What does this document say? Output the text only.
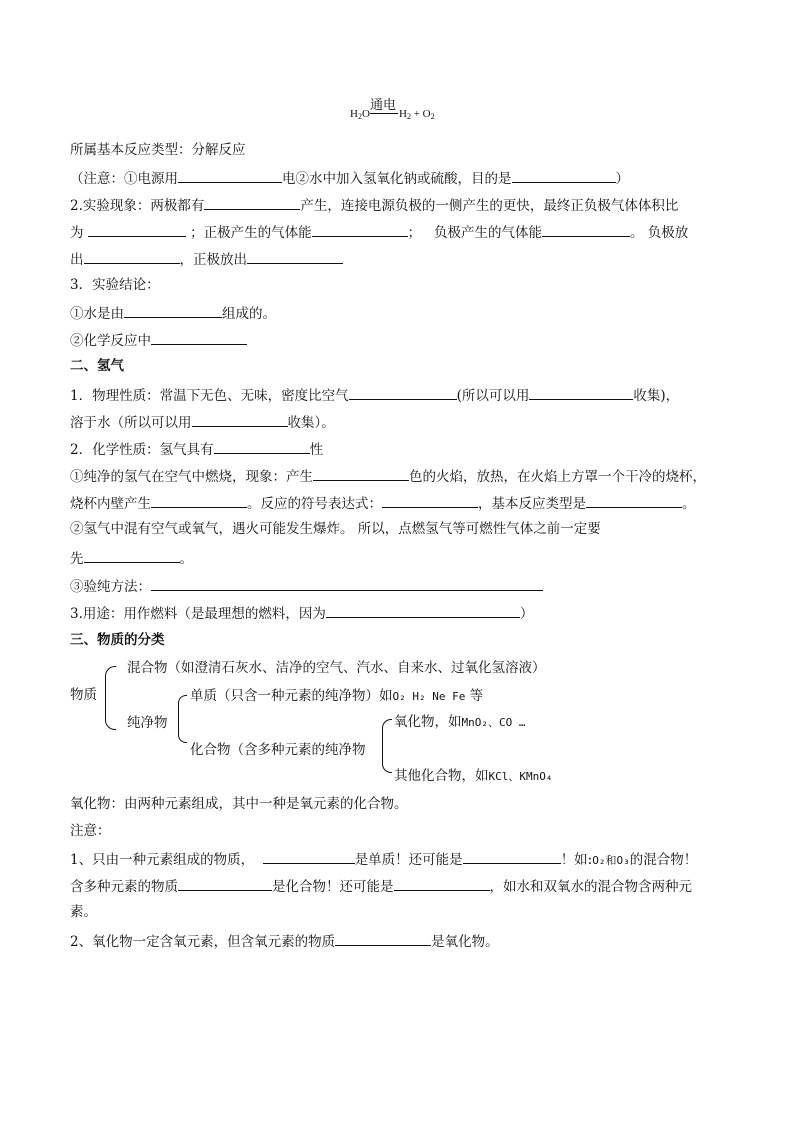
通电
$H_2O$	$H_2 + O_2$
所属基本反应类型：分解反应
（注意：①电源用	电②水中加入氢氧化钠或硫酸，目的是	）
2.实验现象：两极都有	产生，连接电源负极的一侧产生的更快，最终正负极气体体积比
为	；正极产生的气体能	； 负极产生的气体能	。 负极放
出	，正极放出
3．实验结论：
①水是由	组成的。
②化学反应中
二、氢气
1．物理性质：常温下无色、无味，密度比空气	(所以可以用	收集)，
溶于水（所以可以用	收集）。
2．化学性质：氢气具有	性
①纯净的氢气在空气中燃烧，现象：产生	色的火焰，放热，在火焰上方罩一个干冷的烧杯，
烧杯内壁产生	。反应的符号表达式：	，基本反应类型是	。
②氢气中混有空气或氧气，遇火可能发生爆炸。 所以，点燃氢气等可燃性气体之前一定要
先	。
③验纯方法：
3.用途：用作燃料（是最理想的燃料，因为	）
三、物质的分类
物质
混合物（如澄清石灰水、洁净的空气、汽水、自来水、过氧化氢溶液）
纯净物
单质（只含一种元素的纯净物）如O₂ H₂ Ne Fe 等
化合物（含多种元素的纯净物
氧化物，如MnO₂、CO …
其他化合物，如KCl、KMnO₄
氧化物：由两种元素组成，其中一种是氧元素的化合物。
注意：
1、只由一种元素组成的物质，	是单质！还可能是	！如:O₂和O₃的混合物！
含多种元素的物质	是化合物！还可能是	，如水和双氧水的混合物含两种元
素。
2、氧化物一定含氧元素，但含氧元素的物质	是氧化物。
